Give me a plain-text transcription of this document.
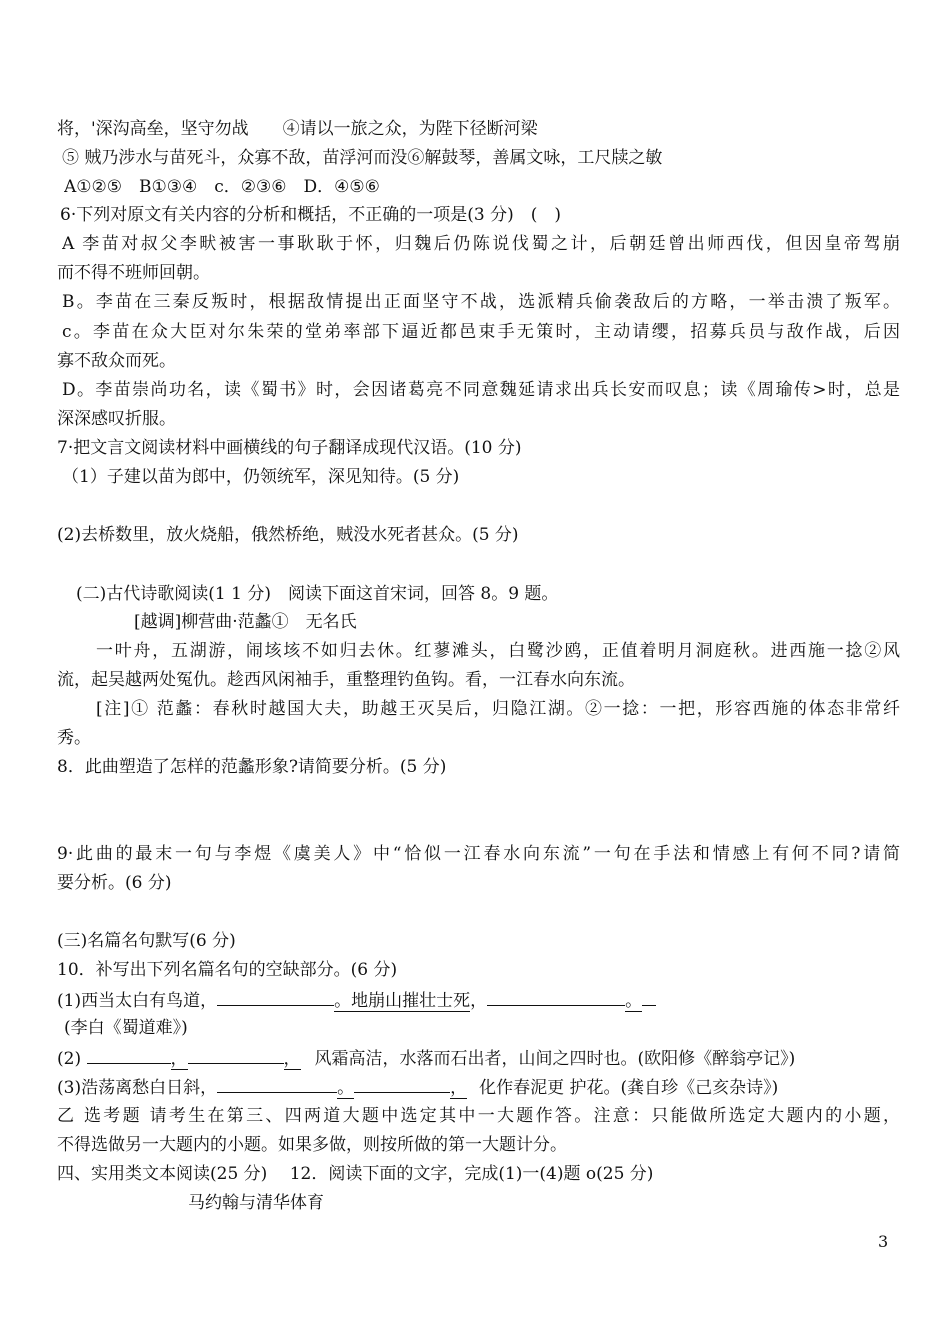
将，'深沟高垒，坚守勿战　　④请以一旅之众，为陛下径断河梁
⑤ 贼乃涉水与苗死斗，众寡不敌，苗浮河而没⑥解鼓琴，善属文咏，工尺牍之敏
A①②⑤　B①③④　c．②③⑥　D．④⑤⑥
6·下列对原文有关内容的分析和概括，不正确的一项是(3 分)　(　)
A 李苗对叔父李畎被害一事耿耿于怀，归魏后仍陈说伐蜀之计，后朝廷曾出师西伐，但因皇帝驾崩
而不得不班师回朝。
B。李苗在三秦反叛时，根据敌情提出正面坚守不战，选派精兵偷袭敌后的方略，一举击溃了叛军。
c。李苗在众大臣对尔朱荣的堂弟率部下逼近都邑束手无策时，主动请缨，招募兵员与敌作战，后因
寡不敌众而死。
D。李苗崇尚功名，读《蜀书》时，会因诸葛亮不同意魏延请求出兵长安而叹息；读《周瑜传>时，总是
深深感叹折服。
7·把文言文阅读材料中画横线的句子翻译成现代汉语。(10 分)
（1）子建以苗为郎中，仍领统军，深见知待。(5 分)
(2)去桥数里，放火烧船，俄然桥绝，贼没水死者甚众。(5 分)
(二)古代诗歌阅读(1 1 分)　阅读下面这首宋词，回答 8。9 题。
[越调]柳营曲·范蠡①　无名氏
一叶舟，五湖游，闹垓垓不如归去休。红蓼滩头，白鹭沙鸥，正值着明月洞庭秋。进西施一捻②风
流，起吴越两处冤仇。趁西风闲袖手，重整理钓鱼钩。看，一江春水向东流。
[注]① 范蠡：春秋时越国大夫，助越王灭吴后，归隐江湖。②一捻：一把，形容西施的体态非常纤
秀。
8．此曲塑造了怎样的范蠡形象?请简要分析。(5 分)
9·此曲的最末一句与李煜《虞美人》中“恰似一江春水向东流”一句在手法和情感上有何不同?请简
要分析。(6 分)
(三)名篇名句默写(6 分)
10．补写出下列名篇名句的空缺部分。(6 分)
(1)西当太白有鸟道，	。地崩山摧壮士死，	。
(李白《蜀道难》)
(2)	，	， 风霜高洁，水落而石出者，山间之四时也。(欧阳修《醉翁亭记》)
(3)浩荡离愁白日斜，	。	， 化作春泥更 护花。(龚自珍《己亥杂诗》)
乙 选考题 请考生在第三、四两道大题中选定其中一大题作答。注意：只能做所选定大题内的小题，
不得选做另一大题内的小题。如果多做，则按所做的第一大题计分。
四、实用类文本阅读(25 分)　 12．阅读下面的文字，完成(1)一(4)题 o(25 分)
马约翰与清华体育
3
